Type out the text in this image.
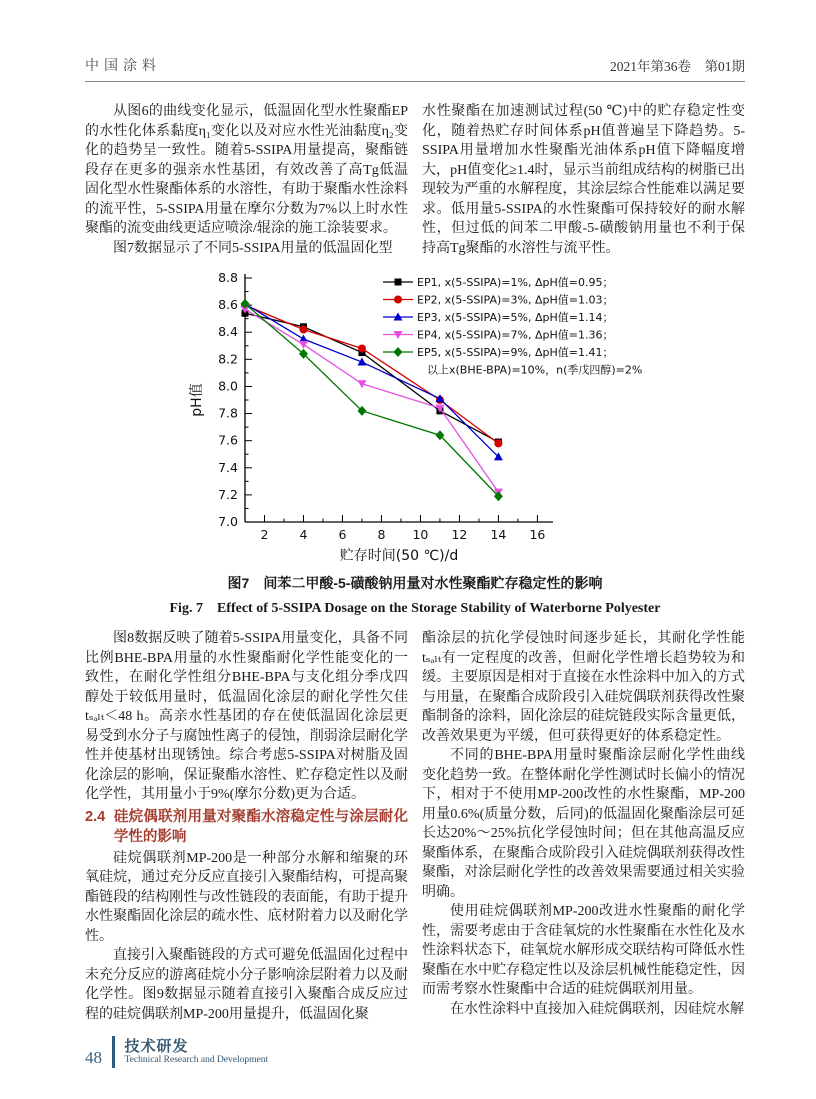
中国涂料	2021年第36卷　第01期

从图6的曲线变化显示，低温固化型水性聚酯EP的水性化体系黏度η₁变化以及对应水性光油黏度η₂变化的趋势呈一致性。随着5-SSIPA用量提高，聚酯链段存在更多的强亲水性基团，有效改善了高Tg低温固化型水性聚酯体系的水溶性，有助于聚酯水性涂料的流平性，5-SSIPA用量在摩尔分数为7%以上时水性聚酯的流变曲线更适应喷涂/辊涂的施工涂装要求。

图7数据显示了不同5-SSIPA用量的低温固化型

水性聚酯在加速测试过程(50 ℃)中的贮存稳定性变化，随着热贮存时间体系pH值普遍呈下降趋势。5-SSIPA用量增加水性聚酯光油体系pH值下降幅度增大，pH值变化≥1.4时，显示当前组成结构的树脂已出现较为严重的水解程度，其涂层综合性能难以满足要求。低用量5-SSIPA的水性聚酯可保持较好的耐水解性，但过低的间苯二甲酸-5-磺酸钠用量也不利于保持高Tg聚酯的水溶性与流平性。

7.0
7.2
7.4
7.6
7.8
8.0
8.2
8.4
8.6
8.8
2 4 6 8 10 12 14 16
pH值
贮存时间(50 ℃)/d
EP1, x(5-SSIPA)=1%, ΔpH值=0.95；
EP2, x(5-SSIPA)=3%, ΔpH值=1.03；
EP3, x(5-SSIPA)=5%, ΔpH值=1.14；
EP4, x(5-SSIPA)=7%, ΔpH值=1.36；
EP5, x(5-SSIPA)=9%, ΔpH值=1.41；
以上x(BHE-BPA)=10%，n(季戊四醇)=2%
图7　间苯二甲酸-5-磺酸钠用量对水性聚酯贮存稳定性的影响
Fig. 7　Effect of 5-SSIPA Dosage on the Storage Stability of Waterborne Polyester

图8数据反映了随着5-SSIPA用量变化，具备不同比例BHE-BPA用量的水性聚酯耐化学性能变化的一致性，在耐化学性组分BHE-BPA与支化组分季戊四醇处于较低用量时，低温固化涂层的耐化学性欠佳tₛₐₗₜ＜48 h。高亲水性基团的存在使低温固化涂层更易受到水分子与腐蚀性离子的侵蚀，削弱涂层耐化学性并使基材出现锈蚀。综合考虑5-SSIPA对树脂及固化涂层的影响，保证聚酯水溶性、贮存稳定性以及耐化学性，其用量小于9%(摩尔分数)更为合适。

2.4 硅烷偶联剂用量对聚酯水溶稳定性与涂层耐化学性的影响

硅烷偶联剂MP-200是一种部分水解和缩聚的环氧硅烷，通过充分反应直接引入聚酯结构，可提高聚酯链段的结构刚性与改性链段的表面能，有助于提升水性聚酯固化涂层的疏水性、底材附着力以及耐化学性。

直接引入聚酯链段的方式可避免低温固化过程中未充分反应的游离硅烷小分子影响涂层附着力以及耐化学性。图9数据显示随着直接引入聚酯合成反应过程的硅烷偶联剂MP-200用量提升，低温固化聚

酯涂层的抗化学侵蚀时间逐步延长，其耐化学性能tₛₐₗₜ有一定程度的改善，但耐化学性增长趋势较为和缓。主要原因是相对于直接在水性涂料中加入的方式与用量，在聚酯合成阶段引入硅烷偶联剂获得改性聚酯制备的涂料，固化涂层的硅烷链段实际含量更低，改善效果更为平缓，但可获得更好的体系稳定性。

不同的BHE-BPA用量时聚酯涂层耐化学性曲线变化趋势一致。在整体耐化学性测试时长偏小的情况下，相对于不使用MP-200改性的水性聚酯，MP-200用量0.6%(质量分数，后同)的低温固化聚酯涂层可延长达20%～25%抗化学侵蚀时间；但在其他高温反应聚酯体系，在聚酯合成阶段引入硅烷偶联剂获得改性聚酯，对涂层耐化学性的改善效果需要通过相关实验明确。

使用硅烷偶联剂MP-200改进水性聚酯的耐化学性，需要考虑由于含硅氧烷的水性聚酯在水性化及水性涂料状态下，硅氧烷水解形成交联结构可降低水性聚酯在水中贮存稳定性以及涂层机械性能稳定性，因而需考察水性聚酯中合适的硅烷偶联剂用量。

在水性涂料中直接加入硅烷偶联剂，因硅烷水解

48
技术研发
Technical Research and Development
